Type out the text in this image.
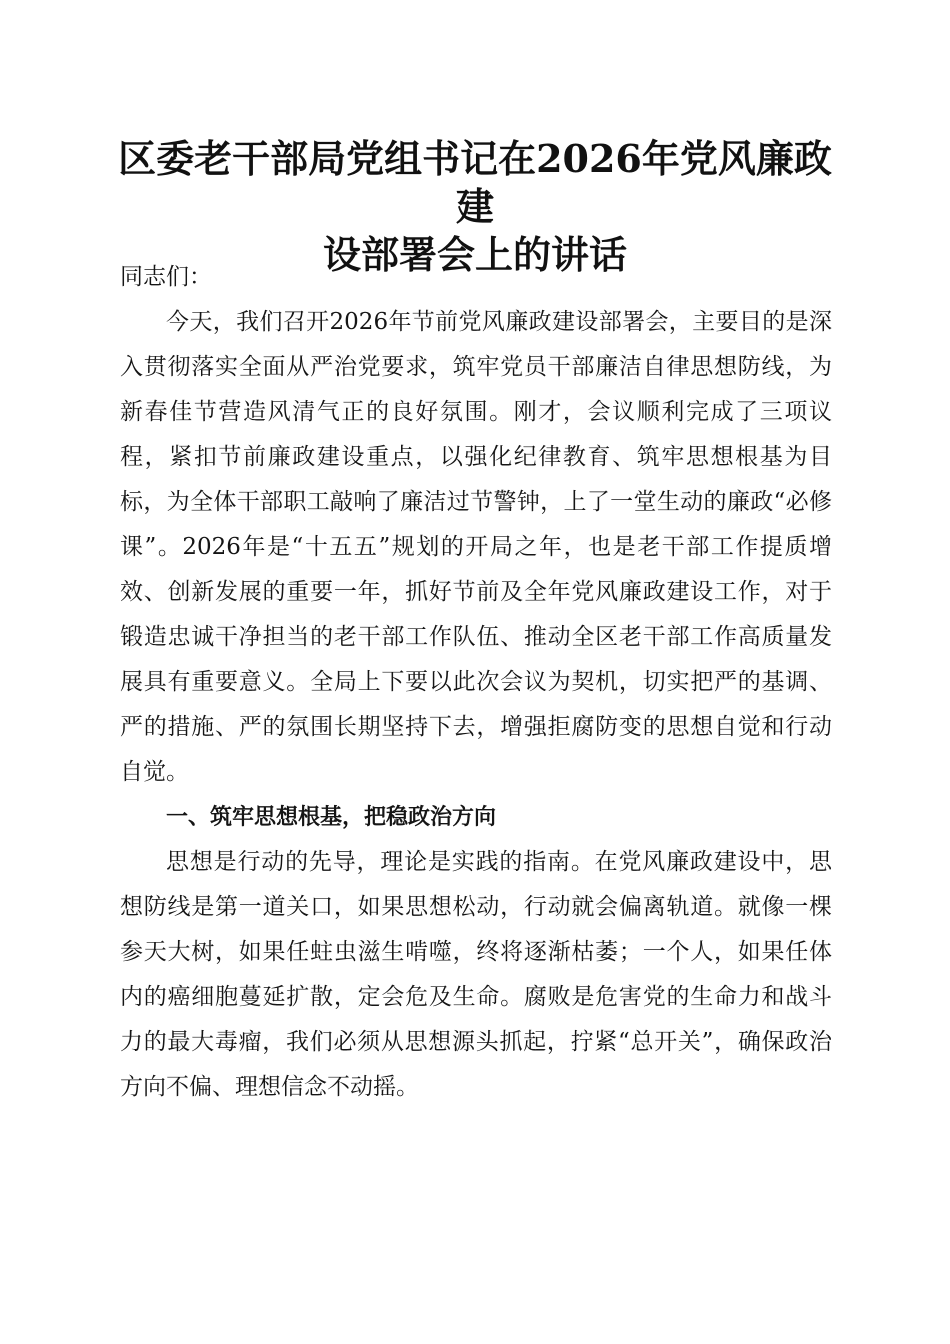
区委老干部局党组书记在2026年党风廉政建
设部署会上的讲话

同志们：

今天，我们召开2026年节前党风廉政建设部署会，主要目的是深入贯彻落实全面从严治党要求，筑牢党员干部廉洁自律思想防线，为新春佳节营造风清气正的良好氛围。刚才，会议顺利完成了三项议程，紧扣节前廉政建设重点，以强化纪律教育、筑牢思想根基为目标，为全体干部职工敲响了廉洁过节警钟，上了一堂生动的廉政“必修课”。2026年是“十五五”规划的开局之年，也是老干部工作提质增效、创新发展的重要一年，抓好节前及全年党风廉政建设工作，对于锻造忠诚干净担当的老干部工作队伍、推动全区老干部工作高质量发展具有重要意义。全局上下要以此次会议为契机，切实把严的基调、严的措施、严的氛围长期坚持下去，增强拒腐防变的思想自觉和行动自觉。

一、筑牢思想根基，把稳政治方向

思想是行动的先导，理论是实践的指南。在党风廉政建设中，思想防线是第一道关口，如果思想松动，行动就会偏离轨道。就像一棵参天大树，如果任蛀虫滋生啃噬，终将逐渐枯萎；一个人，如果任体内的癌细胞蔓延扩散，定会危及生命。腐败是危害党的生命力和战斗力的最大毒瘤，我们必须从思想源头抓起，拧紧“总开关”，确保政治方向不偏、理想信念不动摇。
